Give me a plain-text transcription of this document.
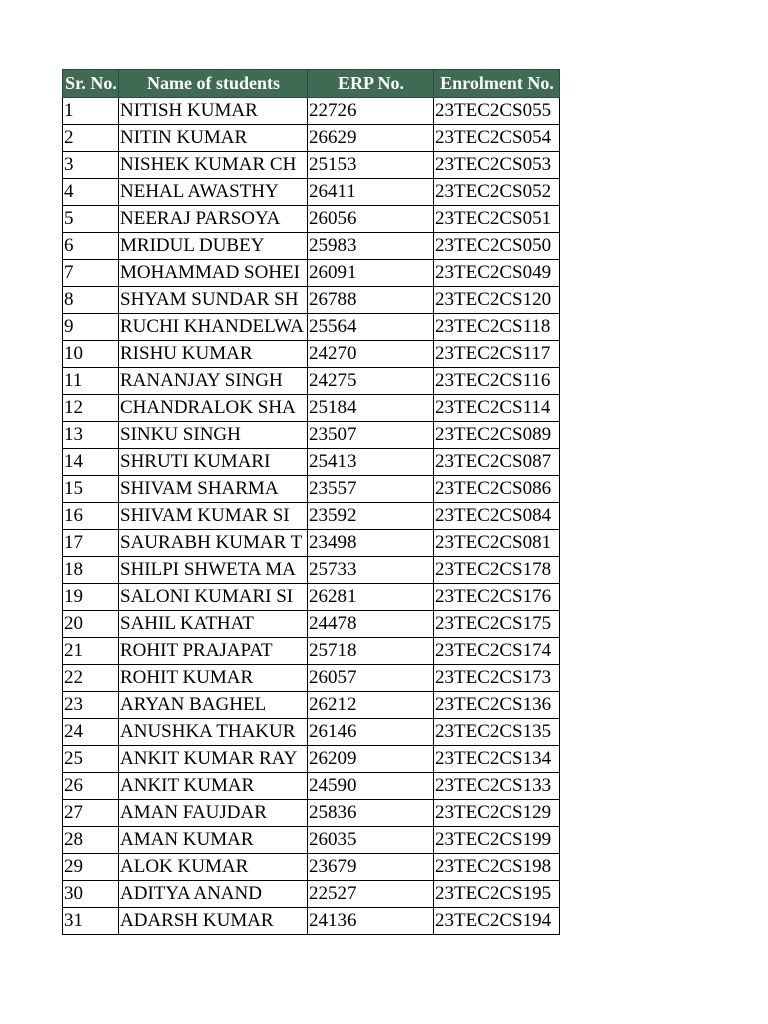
Sr. No.	Name of students	ERP No.	Enrolment No.
1	NITISH KUMAR	22726	23TEC2CS055
2	NITIN KUMAR	26629	23TEC2CS054
3	NISHEK KUMAR CH	25153	23TEC2CS053
4	NEHAL AWASTHY	26411	23TEC2CS052
5	NEERAJ PARSOYA	26056	23TEC2CS051
6	MRIDUL DUBEY	25983	23TEC2CS050
7	MOHAMMAD SOHEI	26091	23TEC2CS049
8	SHYAM SUNDAR SH	26788	23TEC2CS120
9	RUCHI KHANDELWA	25564	23TEC2CS118
10	RISHU KUMAR	24270	23TEC2CS117
11	RANANJAY SINGH	24275	23TEC2CS116
12	CHANDRALOK SHA	25184	23TEC2CS114
13	SINKU SINGH	23507	23TEC2CS089
14	SHRUTI KUMARI	25413	23TEC2CS087
15	SHIVAM SHARMA	23557	23TEC2CS086
16	SHIVAM KUMAR SI	23592	23TEC2CS084
17	SAURABH KUMAR T	23498	23TEC2CS081
18	SHILPI SHWETA MA	25733	23TEC2CS178
19	SALONI KUMARI SI	26281	23TEC2CS176
20	SAHIL KATHAT	24478	23TEC2CS175
21	ROHIT PRAJAPAT	25718	23TEC2CS174
22	ROHIT KUMAR	26057	23TEC2CS173
23	ARYAN BAGHEL	26212	23TEC2CS136
24	ANUSHKA THAKUR	26146	23TEC2CS135
25	ANKIT KUMAR RAY	26209	23TEC2CS134
26	ANKIT KUMAR	24590	23TEC2CS133
27	AMAN FAUJDAR	25836	23TEC2CS129
28	AMAN KUMAR	26035	23TEC2CS199
29	ALOK KUMAR	23679	23TEC2CS198
30	ADITYA ANAND	22527	23TEC2CS195
31	ADARSH KUMAR	24136	23TEC2CS194
